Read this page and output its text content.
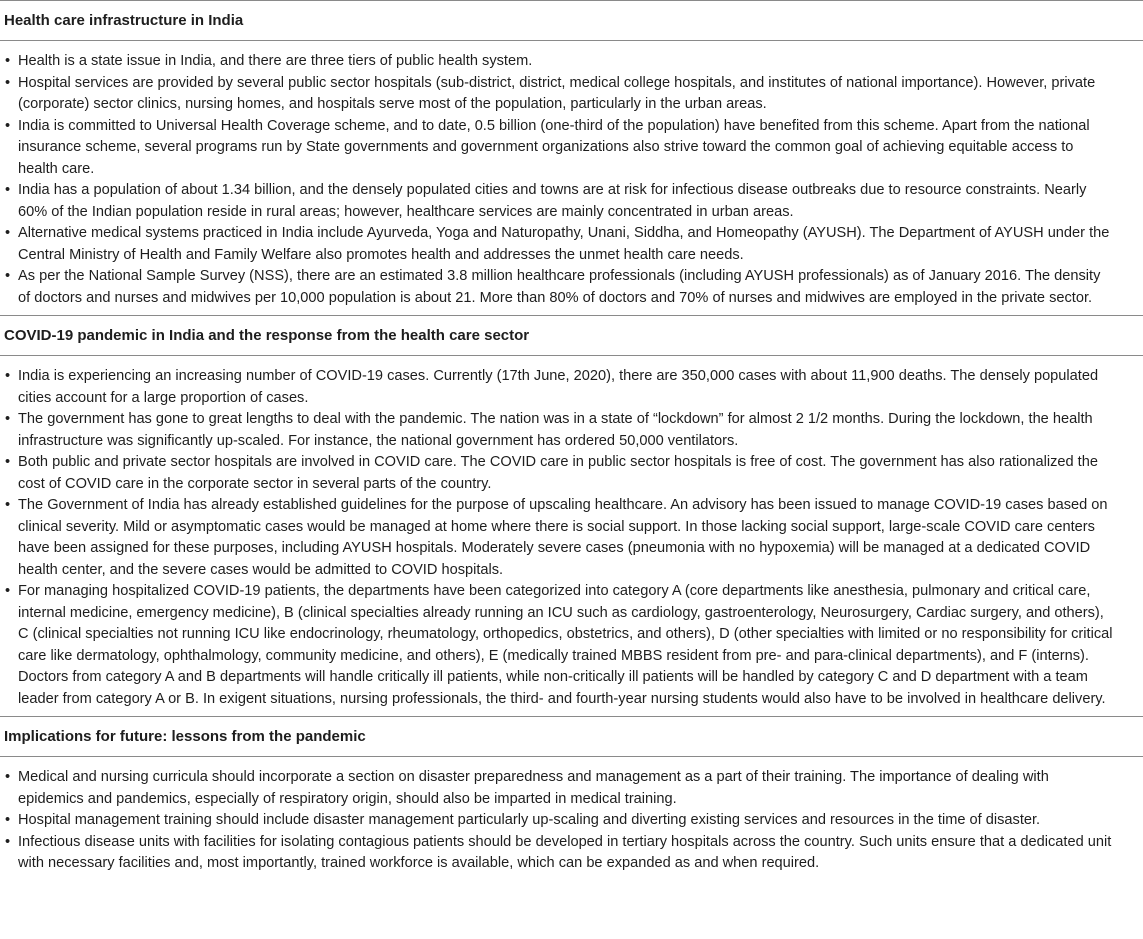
Health care infrastructure in India
• Health is a state issue in India, and there are three tiers of public health system.
• Hospital services are provided by several public sector hospitals (sub-district, district, medical college hospitals, and institutes of national importance). However, private (corporate) sector clinics, nursing homes, and hospitals serve most of the population, particularly in the urban areas.
• India is committed to Universal Health Coverage scheme, and to date, 0.5 billion (one-third of the population) have benefited from this scheme. Apart from the national insurance scheme, several programs run by State governments and government organizations also strive toward the common goal of achieving equitable access to health care.
• India has a population of about 1.34 billion, and the densely populated cities and towns are at risk for infectious disease outbreaks due to resource constraints. Nearly 60% of the Indian population reside in rural areas; however, healthcare services are mainly concentrated in urban areas.
• Alternative medical systems practiced in India include Ayurveda, Yoga and Naturopathy, Unani, Siddha, and Homeopathy (AYUSH). The Department of AYUSH under the Central Ministry of Health and Family Welfare also promotes health and addresses the unmet health care needs.
• As per the National Sample Survey (NSS), there are an estimated 3.8 million healthcare professionals (including AYUSH professionals) as of January 2016. The density of doctors and nurses and midwives per 10,000 population is about 21. More than 80% of doctors and 70% of nurses and midwives are employed in the private sector.
COVID-19 pandemic in India and the response from the health care sector
• India is experiencing an increasing number of COVID-19 cases. Currently (17th June, 2020), there are 350,000 cases with about 11,900 deaths. The densely populated cities account for a large proportion of cases.
• The government has gone to great lengths to deal with the pandemic. The nation was in a state of “lockdown” for almost 2 1/2 months. During the lockdown, the health infrastructure was significantly up-scaled. For instance, the national government has ordered 50,000 ventilators.
• Both public and private sector hospitals are involved in COVID care. The COVID care in public sector hospitals is free of cost. The government has also rationalized the cost of COVID care in the corporate sector in several parts of the country.
• The Government of India has already established guidelines for the purpose of upscaling healthcare. An advisory has been issued to manage COVID-19 cases based on clinical severity. Mild or asymptomatic cases would be managed at home where there is social support. In those lacking social support, large-scale COVID care centers have been assigned for these purposes, including AYUSH hospitals. Moderately severe cases (pneumonia with no hypoxemia) will be managed at a dedicated COVID health center, and the severe cases would be admitted to COVID hospitals.
• For managing hospitalized COVID-19 patients, the departments have been categorized into category A (core departments like anesthesia, pulmonary and critical care, internal medicine, emergency medicine), B (clinical specialties already running an ICU such as cardiology, gastroenterology, Neurosurgery, Cardiac surgery, and others), C (clinical specialties not running ICU like endocrinology, rheumatology, orthopedics, obstetrics, and others), D (other specialties with limited or no responsibility for critical care like dermatology, ophthalmology, community medicine, and others), E (medically trained MBBS resident from pre- and para-clinical departments), and F (interns). Doctors from category A and B departments will handle critically ill patients, while non-critically ill patients will be handled by category C and D department with a team leader from category A or B. In exigent situations, nursing professionals, the third- and fourth-year nursing students would also have to be involved in healthcare delivery.
Implications for future: lessons from the pandemic
• Medical and nursing curricula should incorporate a section on disaster preparedness and management as a part of their training. The importance of dealing with epidemics and pandemics, especially of respiratory origin, should also be imparted in medical training.
• Hospital management training should include disaster management particularly up-scaling and diverting existing services and resources in the time of disaster.
• Infectious disease units with facilities for isolating contagious patients should be developed in tertiary hospitals across the country. Such units ensure that a dedicated unit with necessary facilities and, most importantly, trained workforce is available, which can be expanded as and when required.
